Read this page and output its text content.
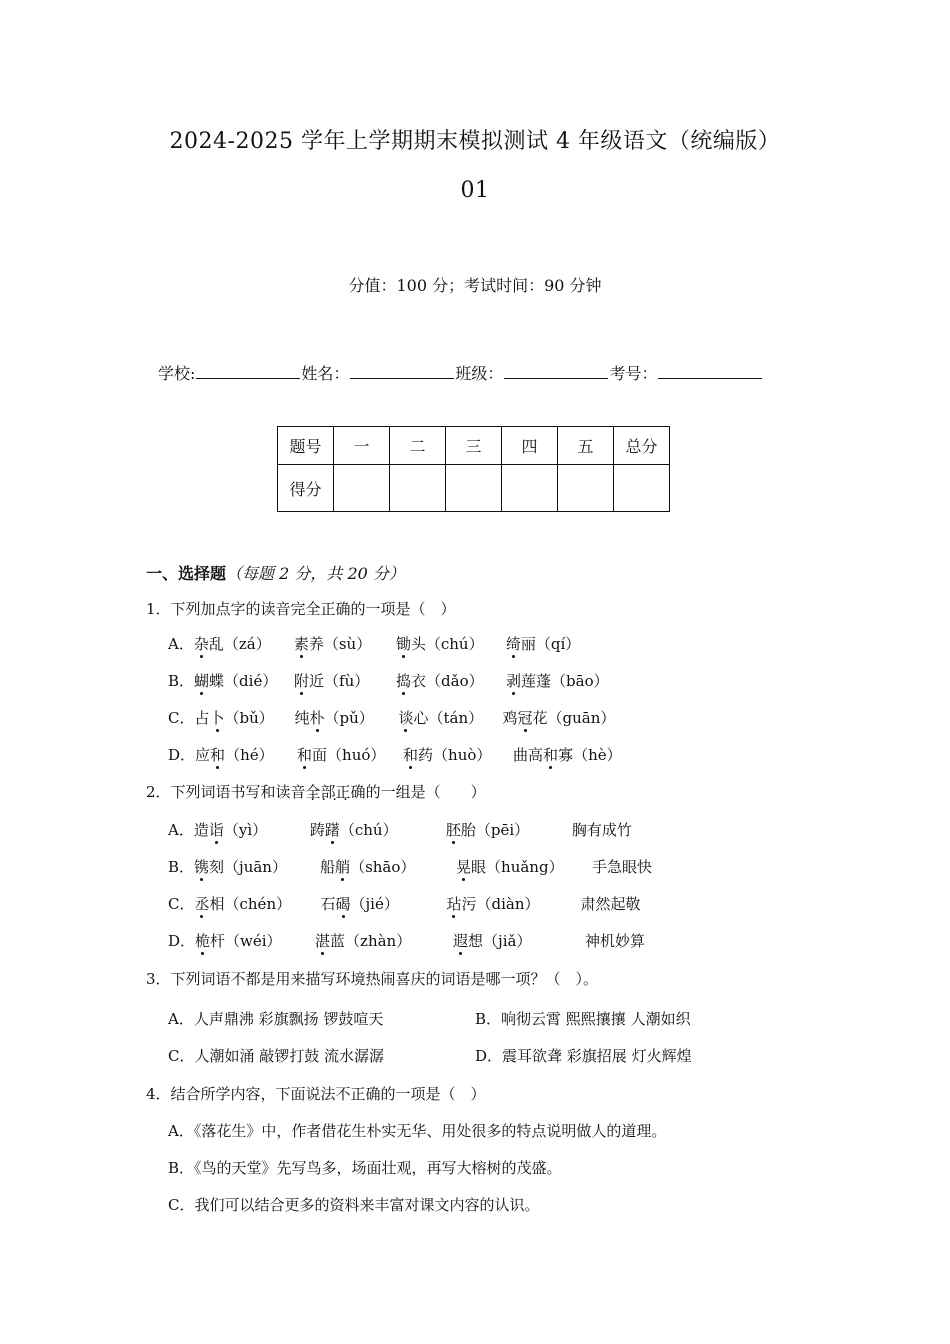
2024-2025 学年上学期期末模拟测试 4 年级语文（统编版）
01
分值：100 分；考试时间：90 分钟
学校:	姓名：	班级：	考号：
题号	一	二	三	四	五	总分
得分						
一、选择题（每题 2 分，共 20 分）
1．下列加点字的读音完全正确的一项是（　）
A．杂乱（zá） 素养（sù） 锄头（chú） 绮丽（qí）
B．蝴蝶（dié） 附近（fù） 捣衣（dǎo） 剥莲蓬（bāo）
C．占卜（bǔ） 纯朴（pǔ） 谈心（tán） 鸡冠花（guān）
D．应和（hé） 和面（huó） 和药（huò） 曲高和寡（hè）
2．下列词语书写和读音全部正确 · ·的一组是（　　）
A．造诣（yì）	踌躇（chú）	胚胎（pēi）	胸有成竹
B．镌刻（juān） 船艄（shāo）	晃眼（huǎng） 手急眼快
C．丞相（chén） 石碣（jié）	玷污（diàn）	肃然起敬
D．桅杆（wéi） 湛蓝（zhàn）	遐想（jiǎ）	神机妙算
3．下列词语不都是用来描写环境热闹喜庆的词语是哪一项？（　）。
A．人声鼎沸 彩旗飘扬 锣鼓喧天	B．响彻云霄 熙熙攘攘 人潮如织
C．人潮如涌 敲锣打鼓 流水潺潺	D．震耳欲聋 彩旗招展 灯火辉煌
4．结合所学内容，下面说法不正确的一项是（　）
A．《落花生》中，作者借花生朴实无华、用处很多的特点说明做人的道理。
B．《鸟的天堂》先写鸟多，场面壮观，再写大榕树的茂盛。
C．我们可以结合更多的资料来丰富对课文内容的认识。
